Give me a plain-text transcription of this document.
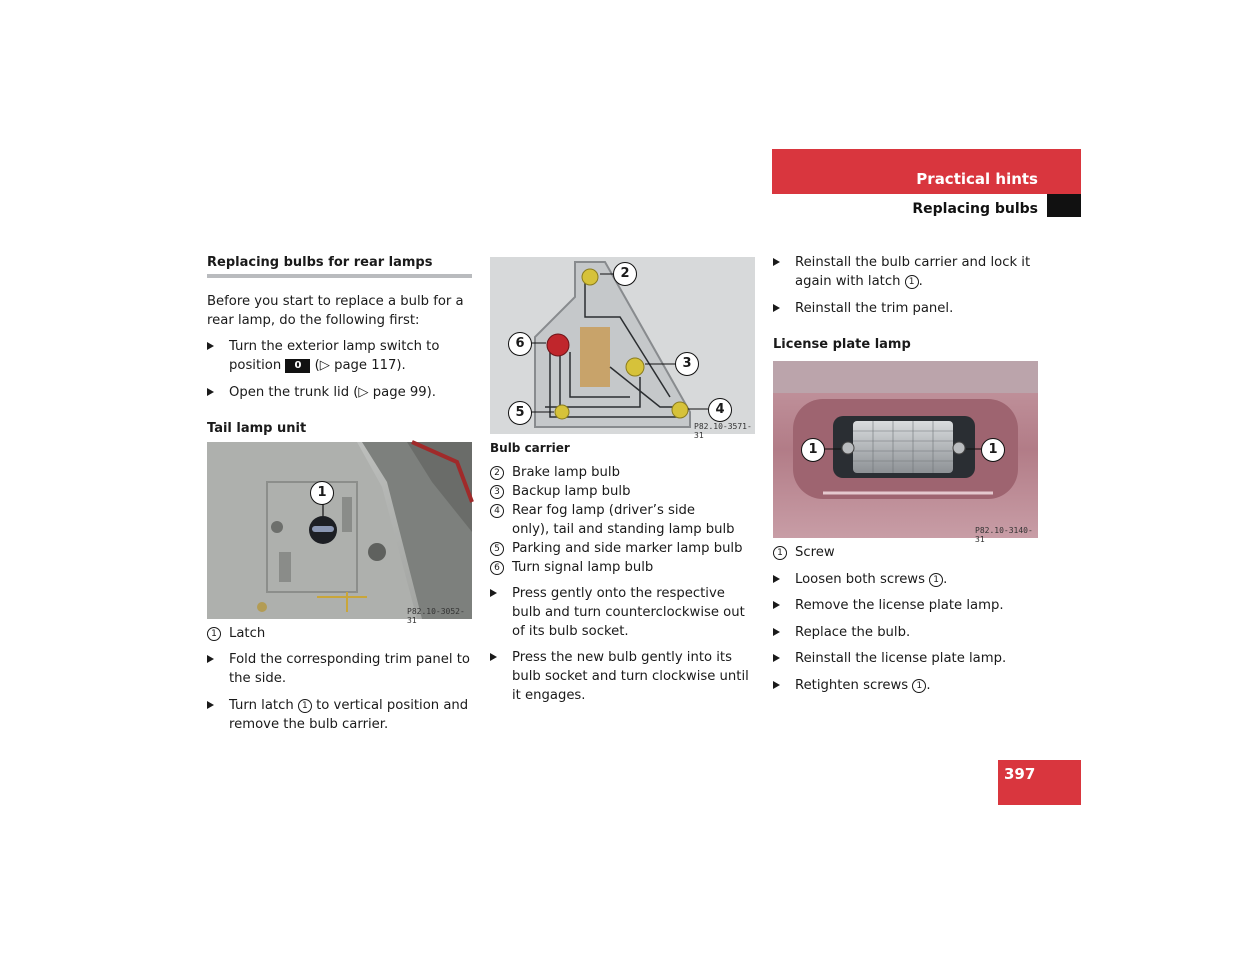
Practical hints
Replacing bulbs

Replacing bulbs for rear lamps

Before you start to replace a bulb for a rear lamp, do the following first:

Turn the exterior lamp switch to position 0 (▷ page 117).

Open the trunk lid (▷ page 99).

Tail lamp unit

1
P82.10-3052-31

1 Latch

Fold the corresponding trim panel to the side.

Turn latch 1 to vertical position and remove the bulb carrier.

2
3
4
5
6
P82.10-3571-31

Bulb carrier

2 Brake lamp bulb

3 Backup lamp bulb

4 Rear fog lamp (driver’s side only), tail and standing lamp bulb

5 Parking and side marker lamp bulb

6 Turn signal lamp bulb

Press gently onto the respective bulb and turn counterclockwise out of its bulb socket.

Press the new bulb gently into its bulb socket and turn clockwise until it engages.

Reinstall the bulb carrier and lock it again with latch 1 .

Reinstall the trim panel.

License plate lamp

1	1
P82.10-3140-31

1 Screw

Loosen both screws 1 .

Remove the license plate lamp.

Replace the bulb.

Reinstall the license plate lamp.

Retighten screws 1 .

397
